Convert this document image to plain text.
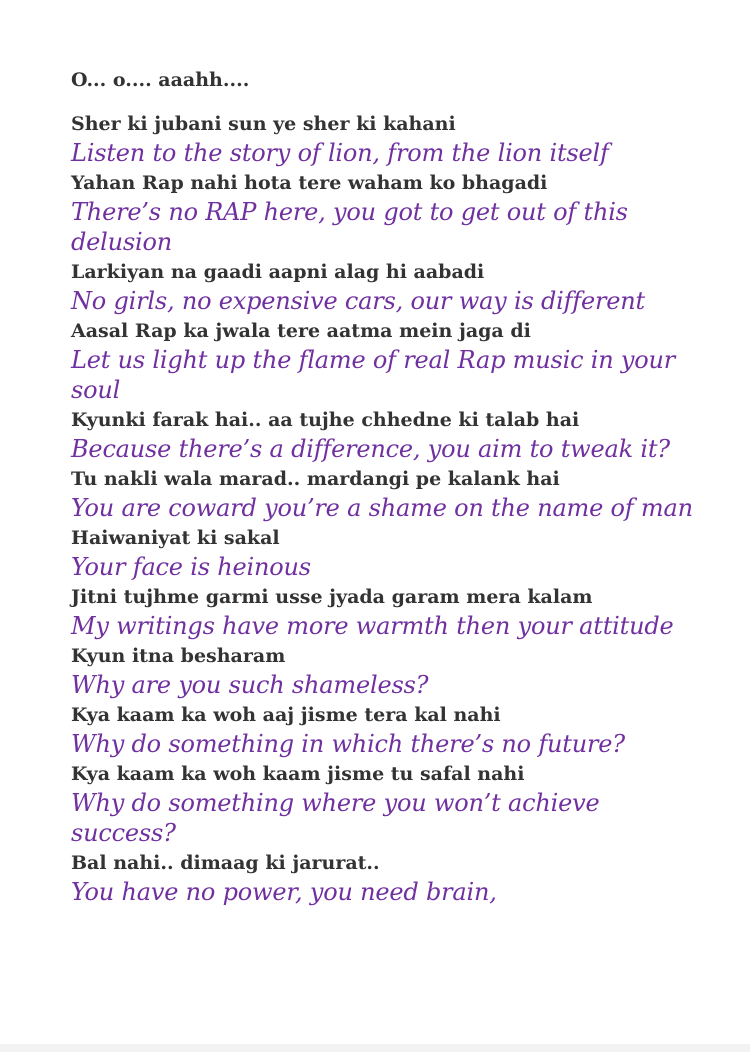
O... o.... aaahh....

Sher ki jubani sun ye sher ki kahani

Listen to the story of lion, from the lion itself

Yahan Rap nahi hota tere waham ko bhagadi

There’s no RAP here, you got to get out of this delusion

Larkiyan na gaadi aapni alag hi aabadi

No girls, no expensive cars, our way is different

Aasal Rap ka jwala tere aatma mein jaga di

Let us light up the flame of real Rap music in your soul

Kyunki farak hai.. aa tujhe chhedne ki talab hai

Because there’s a difference, you aim to tweak it?

Tu nakli wala marad.. mardangi pe kalank hai

You are coward you’re a shame on the name of man

Haiwaniyat ki sakal

Your face is heinous

Jitni tujhme garmi usse jyada garam mera kalam

My writings have more warmth then your attitude

Kyun itna besharam

Why are you such shameless?

Kya kaam ka woh aaj jisme tera kal nahi

Why do something in which there’s no future?

Kya kaam ka woh kaam jisme tu safal nahi

Why do something where you won’t achieve success?

Bal nahi.. dimaag ki jarurat..

You have no power, you need brain,
